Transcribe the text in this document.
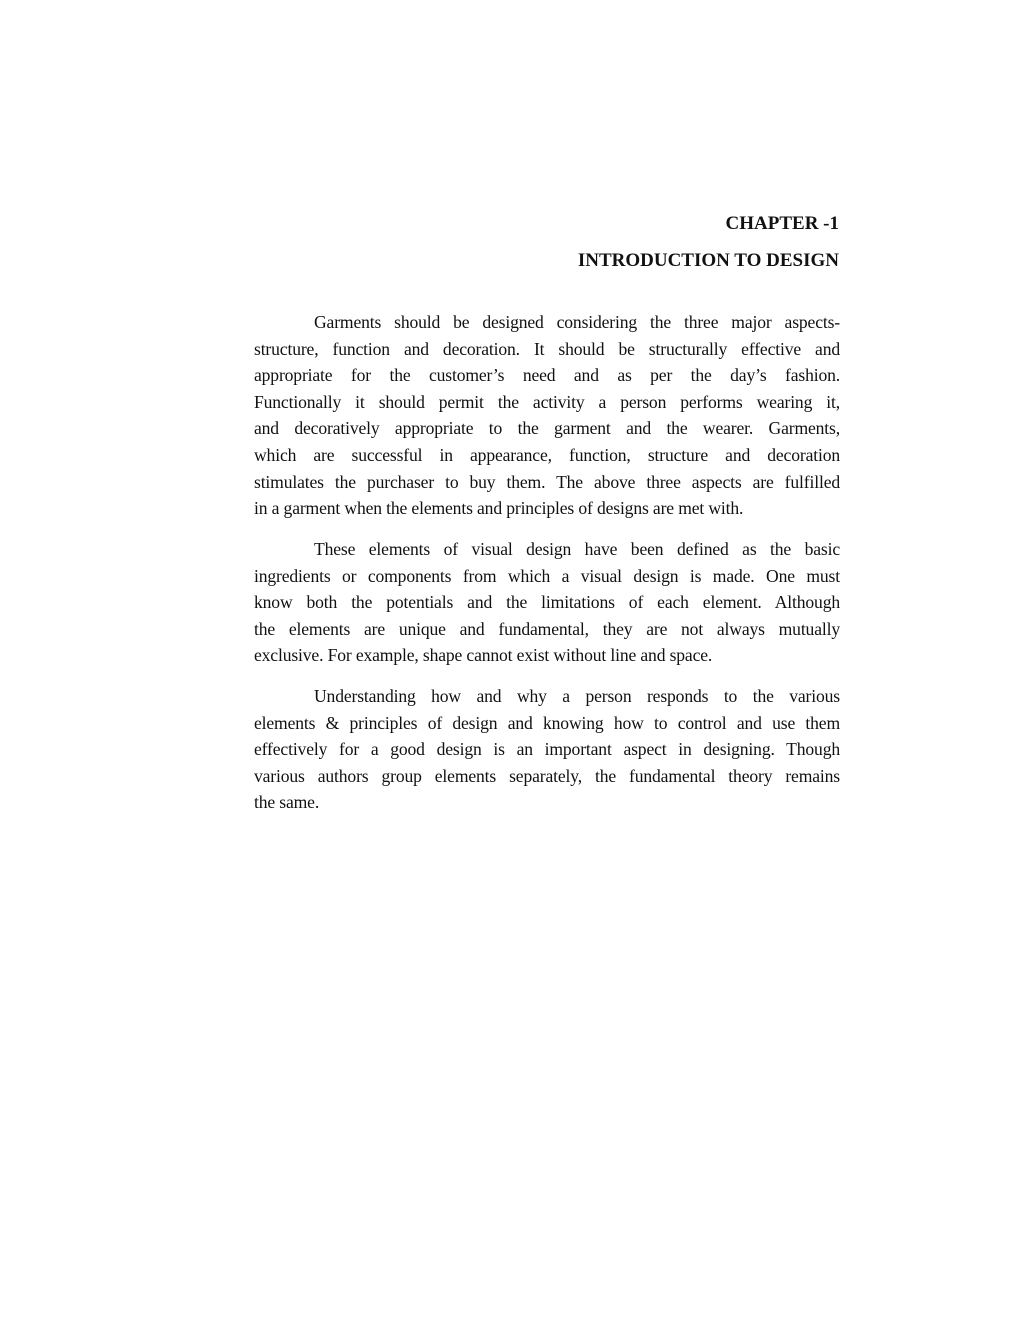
CHAPTER -1
INTRODUCTION TO DESIGN
Garments should be designed considering the three major aspects-
structure, function and decoration. It should be structurally effective and
appropriate for the customer’s need and as per the day’s fashion.
Functionally it should permit the activity a person performs wearing it,
and decoratively appropriate to the garment and the wearer. Garments,
which are successful in appearance, function, structure and decoration
stimulates the purchaser to buy them. The above three aspects are fulfilled
in a garment when the elements and principles of designs are met with.
These elements of visual design have been defined as the basic
ingredients or components from which a visual design is made. One must
know both the potentials and the limitations of each element. Although
the elements are unique and fundamental, they are not always mutually
exclusive. For example, shape cannot exist without line and space.
Understanding how and why a person responds to the various
elements & principles of design and knowing how to control and use them
effectively for a good design is an important aspect in designing. Though
various authors group elements separately, the fundamental theory remains
the same.
